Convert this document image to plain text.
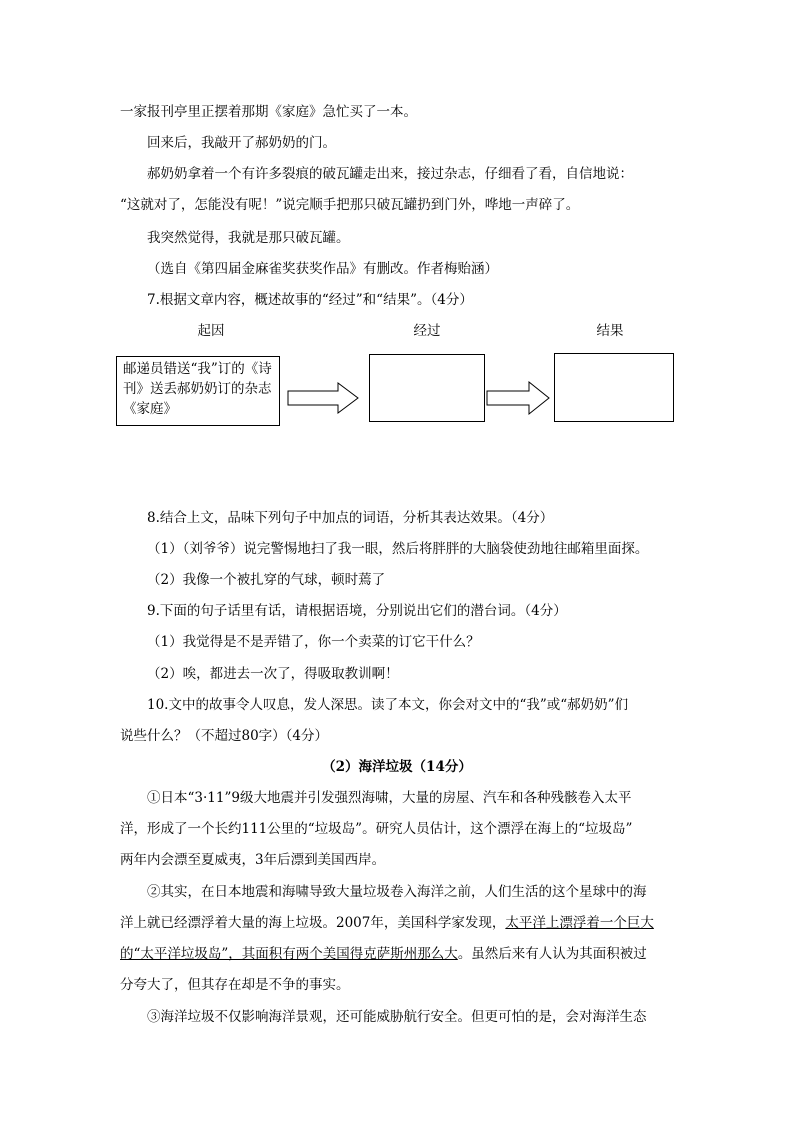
一家报刊亭里正摆着那期《家庭》急忙买了一本。
回来后，我敲开了郝奶奶的门。
郝奶奶拿着一个有许多裂痕的破瓦罐走出来，接过杂志，仔细看了看，自信地说：
“这就对了，怎能没有呢！”说完顺手把那只破瓦罐扔到门外，哗地一声碎了。
我突然觉得，我就是那只破瓦罐。
（选自《第四届金麻雀奖获奖作品》有删改。作者梅贻涵）
7.根据文章内容，概述故事的“经过”和“结果”。（4分）
起因	经过	结果
邮递员错送“我”订的《诗刊》送丢郝奶奶订的杂志《家庭》
8.结合上文，品味下列句子中加点的词语，分析其表达效果。（4分）
（1）（刘爷爷）说完警惕地扫了我一眼，然后将胖胖的大脑袋使劲地往邮箱里面探。
（2）我像一个被扎穿的气球，顿时蔫了
9.下面的句子话里有话，请根据语境，分别说出它们的潜台词。（4分）
（1）我觉得是不是弄错了，你一个卖菜的订它干什么？
（2）唉，都进去一次了，得吸取教训啊！
10.文中的故事令人叹息，发人深思。读了本文，你会对文中的“我”或“郝奶奶”们
说些什么？（不超过80字）（4分）
（2）海洋垃圾（14分）
①日本“3·11”9级大地震并引发强烈海啸，大量的房屋、汽车和各种残骸卷入太平
洋，形成了一个长约111公里的“垃圾岛”。研究人员估计，这个漂浮在海上的“垃圾岛”
两年内会漂至夏威夷，3年后漂到美国西岸。
②其实，在日本地震和海啸导致大量垃圾卷入海洋之前，人们生活的这个星球中的海
洋上就已经漂浮着大量的海上垃圾。2007年，美国科学家发现，太平洋上漂浮着一个巨大
的“太平洋垃圾岛”，其面积有两个美国得克萨斯州那么大。虽然后来有人认为其面积被过
分夸大了，但其存在却是不争的事实。
③海洋垃圾不仅影响海洋景观，还可能威胁航行安全。但更可怕的是，会对海洋生态
